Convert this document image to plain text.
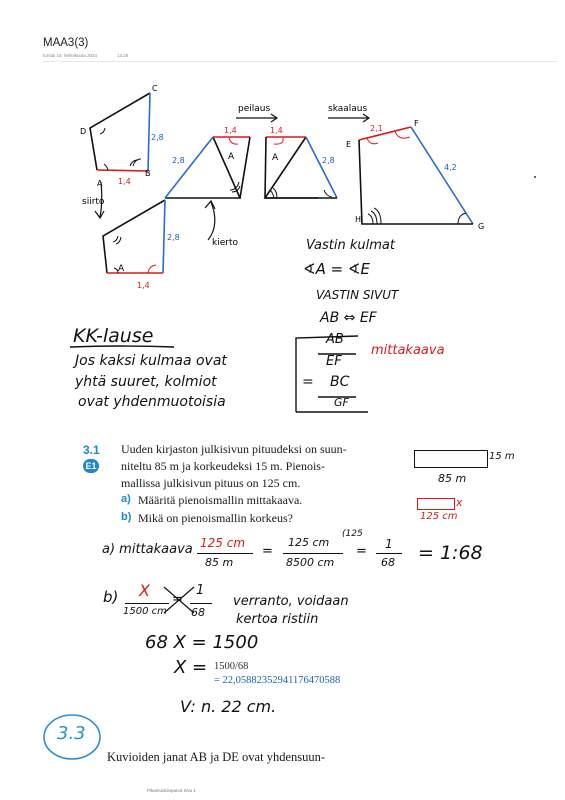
MAA3(3)
torstai 15. helmikuuta 2024	13.25
C
D
A
B
2,8
1,4
siirto
A
2,8
1,4
kierto
A
1,4
2,8
peilaus
A
1,4
2,8
skaalaus
E
F
G
H
2,1
4,2
Vastin kulmat
∢A = ∢E
VASTIN SIVUT
AB ⇔ EF
AB
EF
= BC
GF
mittakaava
KK-lause
Jos kaksi kulmaa ovat
yhtä suuret, kolmiot
ovat yhdenmuotoisia
3.1
E1
Uuden kirjaston julkisivun pituudeksi on suun-
niteltu 85 m ja korkeudeksi 15 m. Pienois-
mallissa julkisivun pituus on 125 cm.
a) Määritä pienoismallin mittakaava.
b) Mikä on pienoismallin korkeus?
15 m
85 m
x
125 cm
a) mittakaava 125 cm
85 m
=
125 cm
8500 cm
(125
= 1
68 = 1:68
b) X
1500 cm
=
1
68
verranto, voidaan
kertoa ristiin
68 X = 1500
X = 1500/68
= 22,0588235294117647058​8
V: n. 22 cm.
3.3
Kuvioiden janat AB ja DE ovat yhdensuun-
Pikamuistiinpanot Sivu 1
